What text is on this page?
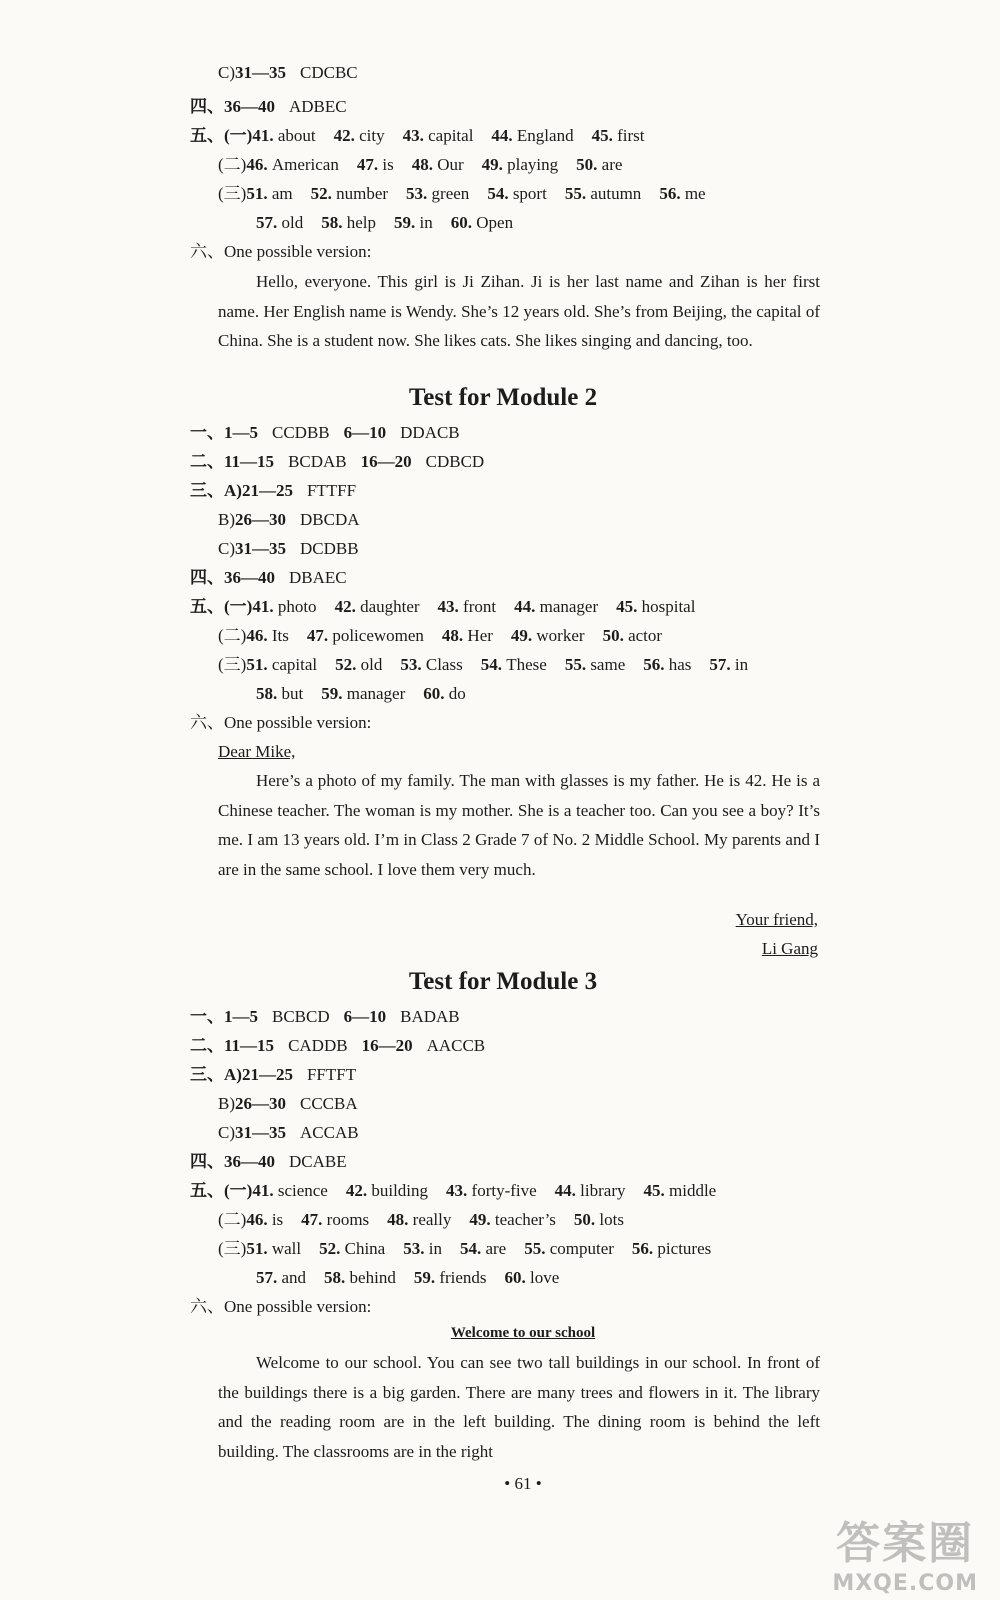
C)31—35 CDCBC
四、36—40 ADBEC
五、(一)41. about 42. city 43. capital 44. England 45. first
(二)46. American 47. is 48. Our 49. playing 50. are
(三)51. am 52. number 53. green 54. sport 55. autumn 56. me
57. old 58. help 59. in 60. Open
六、One possible version:
Hello, everyone. This girl is Ji Zihan. Ji is her last name and Zihan is her first name. Her English name is Wendy. She’s 12 years old. She’s from Beijing, the capital of China. She is a student now. She likes cats. She likes singing and dancing, too.
Test for Module 2
一、1—5 CCDBB 6—10 DDACB
二、11—15 BCDAB 16—20 CDBCD
三、A)21—25 FTTFF
B)26—30 DBCDA
C)31—35 DCDBB
四、36—40 DBAEC
五、(一)41. photo 42. daughter 43. front 44. manager 45. hospital
(二)46. Its 47. policewomen 48. Her 49. worker 50. actor
(三)51. capital 52. old 53. Class 54. These 55. same 56. has 57. in
58. but 59. manager 60. do
六、One possible version:
Dear Mike,
Here’s a photo of my family. The man with glasses is my father. He is 42. He is a Chinese teacher. The woman is my mother. She is a teacher too. Can you see a boy? It’s me. I am 13 years old. I’m in Class 2 Grade 7 of No. 2 Middle School. My parents and I are in the same school. I love them very much.
Your friend,
Li Gang
Test for Module 3
一、1—5 BCBCD 6—10 BADAB
二、11—15 CADDB 16—20 AACCB
三、A)21—25 FFTFT
B)26—30 CCCBA
C)31—35 ACCAB
四、36—40 DCABE
五、(一)41. science 42. building 43. forty-five 44. library 45. middle
(二)46. is 47. rooms 48. really 49. teacher’s 50. lots
(三)51. wall 52. China 53. in 54. are 55. computer 56. pictures
57. and 58. behind 59. friends 60. love
六、One possible version:
Welcome to our school
Welcome to our school. You can see two tall buildings in our school. In front of the buildings there is a big garden. There are many trees and flowers in it. The library and the reading room are in the left building. The dining room is behind the left building. The classrooms are in the right
• 61 •
答案圈
MXQE.COM
